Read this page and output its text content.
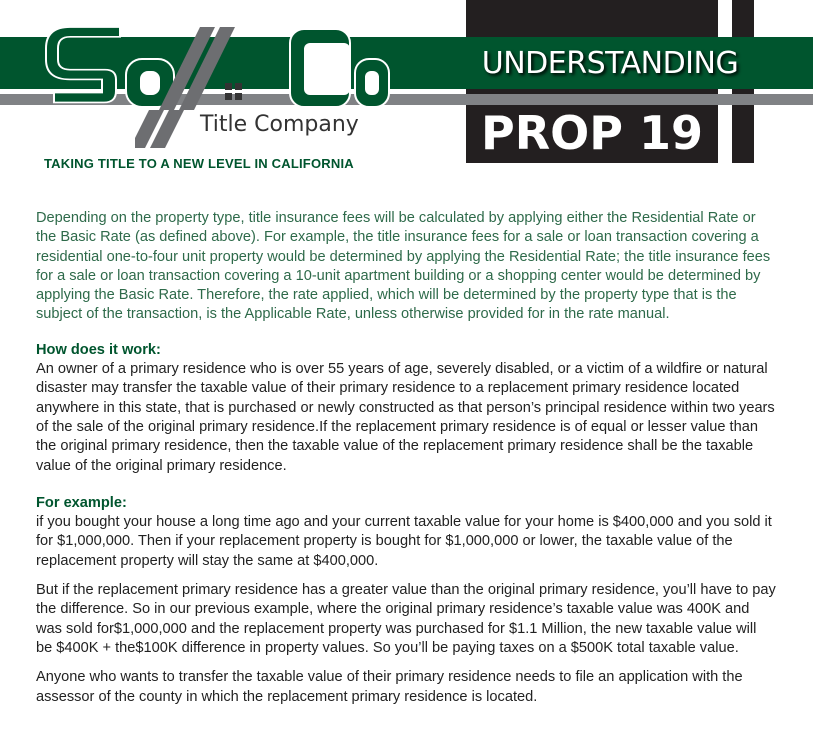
Title Company
TAKING TITLE TO A NEW LEVEL IN CALIFORNIA
UNDERSTANDING
PROP 19

Depending on the property type, title insurance fees will be calculated by applying either the Residential Rate or the Basic Rate (as defined above). For example, the title insurance fees for a sale or loan transaction covering a residential one-to-four unit property would be determined by applying the Residential Rate; the title insurance fees for a sale or loan transaction covering a 10-unit apartment building or a shopping center would be determined by applying the Basic Rate. Therefore, the rate applied, which will be determined by the property type that is the subject of the transaction, is the Applicable Rate, unless otherwise provided for in the rate manual.

How does it work:

An owner of a primary residence who is over 55 years of age, severely disabled, or a victim of a wildfire or natural disaster may transfer the taxable value of their primary residence to a replacement primary residence located anywhere in this state, that is purchased or newly constructed as that person’s principal residence within two years of the sale of the original primary residence.If the replacement primary residence is of equal or lesser value than the original primary residence, then the taxable value of the replacement primary residence shall be the taxable value of the original primary residence.

For example:

if you bought your house a long time ago and your current taxable value for your home is $400,000 and you sold it for $1,000,000. Then if your replacement property is bought for $1,000,000 or lower, the taxable value of the replacement property will stay the same at $400,000.

But if the replacement primary residence has a greater value than the original primary residence, you’ll have to pay the difference. So in our previous example, where the original primary residence’s taxable value was 400K and was sold for$1,000,000 and the replacement property was purchased for $1.1 Million, the new taxable value will be $400K + the$100K difference in property values. So you’ll be paying taxes on a $500K total taxable value.

Anyone who wants to transfer the taxable value of their primary residence needs to file an application with the assessor of the county in which the replacement primary residence is located.
